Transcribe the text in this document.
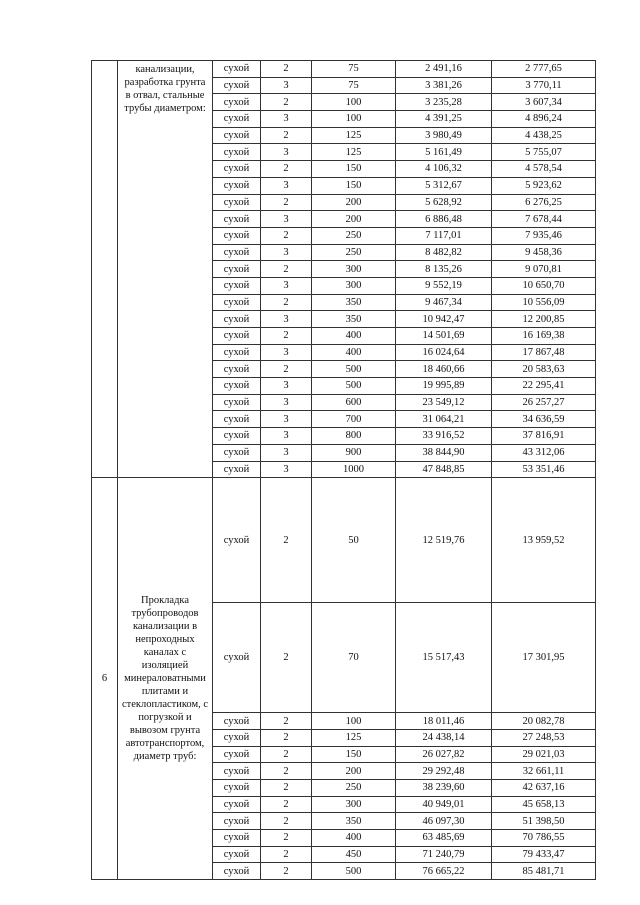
	канализации, разработка грунта в отвал, стальные трубы диаметром:	сухой	2	75	2 491,16	2 777,65
		сухой	3	75	3 381,26	3 770,11
		сухой	2	100	3 235,28	3 607,34
		сухой	3	100	4 391,25	4 896,24
		сухой	2	125	3 980,49	4 438,25
		сухой	3	125	5 161,49	5 755,07
		сухой	2	150	4 106,32	4 578,54
		сухой	3	150	5 312,67	5 923,62
		сухой	2	200	5 628,92	6 276,25
		сухой	3	200	6 886,48	7 678,44
		сухой	2	250	7 117,01	7 935,46
		сухой	3	250	8 482,82	9 458,36
		сухой	2	300	8 135,26	9 070,81
		сухой	3	300	9 552,19	10 650,70
		сухой	2	350	9 467,34	10 556,09
		сухой	3	350	10 942,47	12 200,85
		сухой	2	400	14 501,69	16 169,38
		сухой	3	400	16 024,64	17 867,48
		сухой	2	500	18 460,66	20 583,63
		сухой	3	500	19 995,89	22 295,41
		сухой	3	600	23 549,12	26 257,27
		сухой	3	700	31 064,21	34 636,59
		сухой	3	800	33 916,52	37 816,91
		сухой	3	900	38 844,90	43 312,06
		сухой	3	1000	47 848,85	53 351,46
6	Прокладка трубопроводов канализации в непроходных каналах с изоляцией минераловатными плитами и стеклопластиком, с погрузкой и вывозом грунта автотранспортом, диаметр труб:	сухой	2	50	12 519,76	13 959,52
		сухой	2	70	15 517,43	17 301,95
		сухой	2	100	18 011,46	20 082,78
		сухой	2	125	24 438,14	27 248,53
		сухой	2	150	26 027,82	29 021,03
		сухой	2	200	29 292,48	32 661,11
		сухой	2	250	38 239,60	42 637,16
		сухой	2	300	40 949,01	45 658,13
		сухой	2	350	46 097,30	51 398,50
		сухой	2	400	63 485,69	70 786,55
		сухой	2	450	71 240,79	79 433,47
		сухой	2	500	76 665,22	85 481,71
